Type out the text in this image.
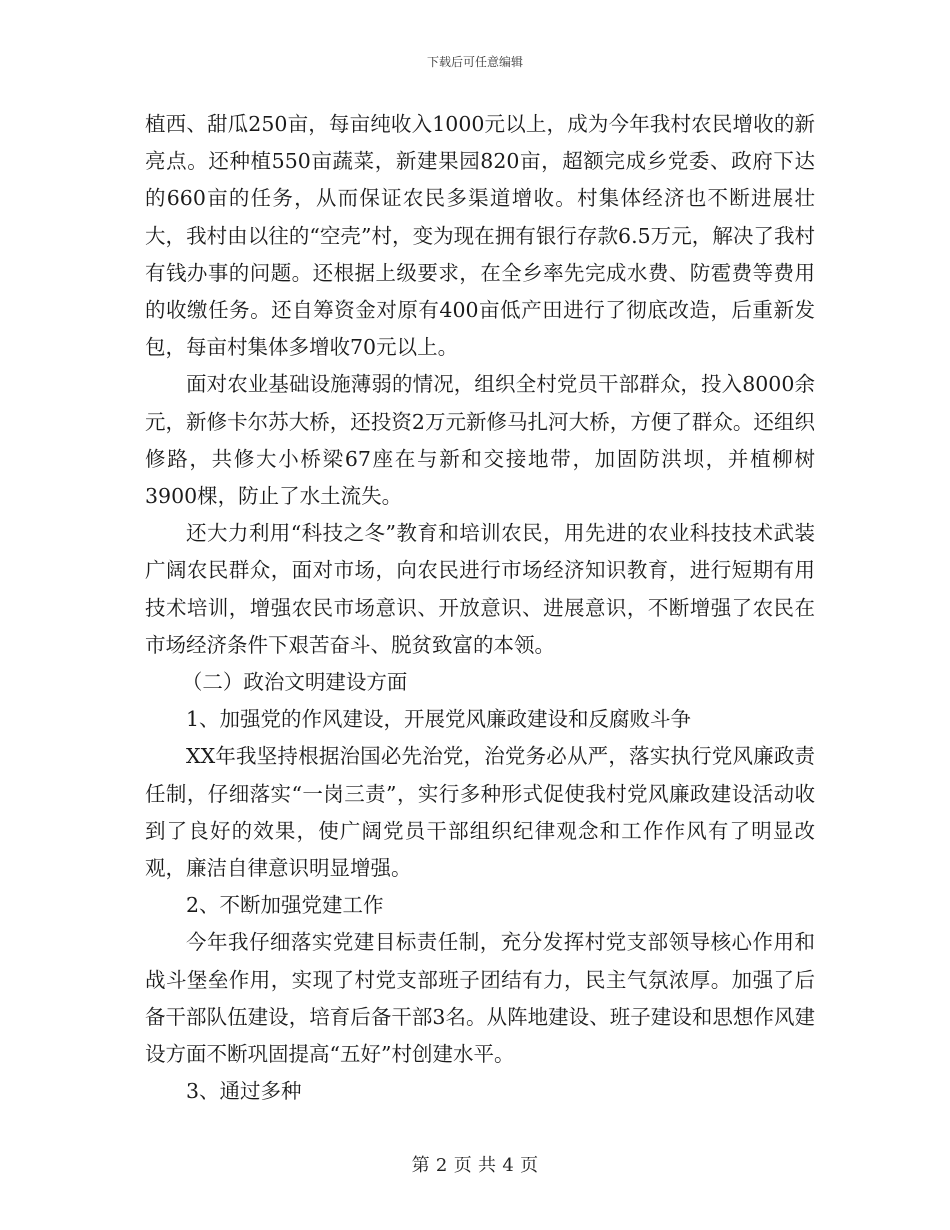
下载后可任意编辑

植西、甜瓜250亩，每亩纯收入1000元以上，成为今年我村农民增收的新亮点。还种植550亩蔬菜，新建果园820亩，超额完成乡党委、政府下达的660亩的任务，从而保证农民多渠道增收。村集体经济也不断进展壮大，我村由以往的“空壳”村，变为现在拥有银行存款6.5万元，解决了我村有钱办事的问题。还根据上级要求，在全乡率先完成水费、防雹费等费用的收缴任务。还自筹资金对原有400亩低产田进行了彻底改造，后重新发包，每亩村集体多增收70元以上。

面对农业基础设施薄弱的情况，组织全村党员干部群众，投入8000余元，新修卡尔苏大桥，还投资2万元新修马扎河大桥，方便了群众。还组织修路，共修大小桥梁67座在与新和交接地带，加固防洪坝，并植柳树3900棵，防止了水土流失。

还大力利用“科技之冬”教育和培训农民，用先进的农业科技技术武装广阔农民群众，面对市场，向农民进行市场经济知识教育，进行短期有用技术培训，增强农民市场意识、开放意识、进展意识，不断增强了农民在市场经济条件下艰苦奋斗、脱贫致富的本领。

（二）政治文明建设方面

1、加强党的作风建设，开展党风廉政建设和反腐败斗争

XX年我坚持根据治国必先治党，治党务必从严，落实执行党风廉政责任制，仔细落实“一岗三责”，实行多种形式促使我村党风廉政建设活动收到了良好的效果，使广阔党员干部组织纪律观念和工作作风有了明显改观，廉洁自律意识明显增强。

2、不断加强党建工作

今年我仔细落实党建目标责任制，充分发挥村党支部领导核心作用和战斗堡垒作用，实现了村党支部班子团结有力，民主气氛浓厚。加强了后备干部队伍建设，培育后备干部3名。从阵地建设、班子建设和思想作风建设方面不断巩固提高“五好”村创建水平。

3、通过多种

第 2 页 共 4 页
